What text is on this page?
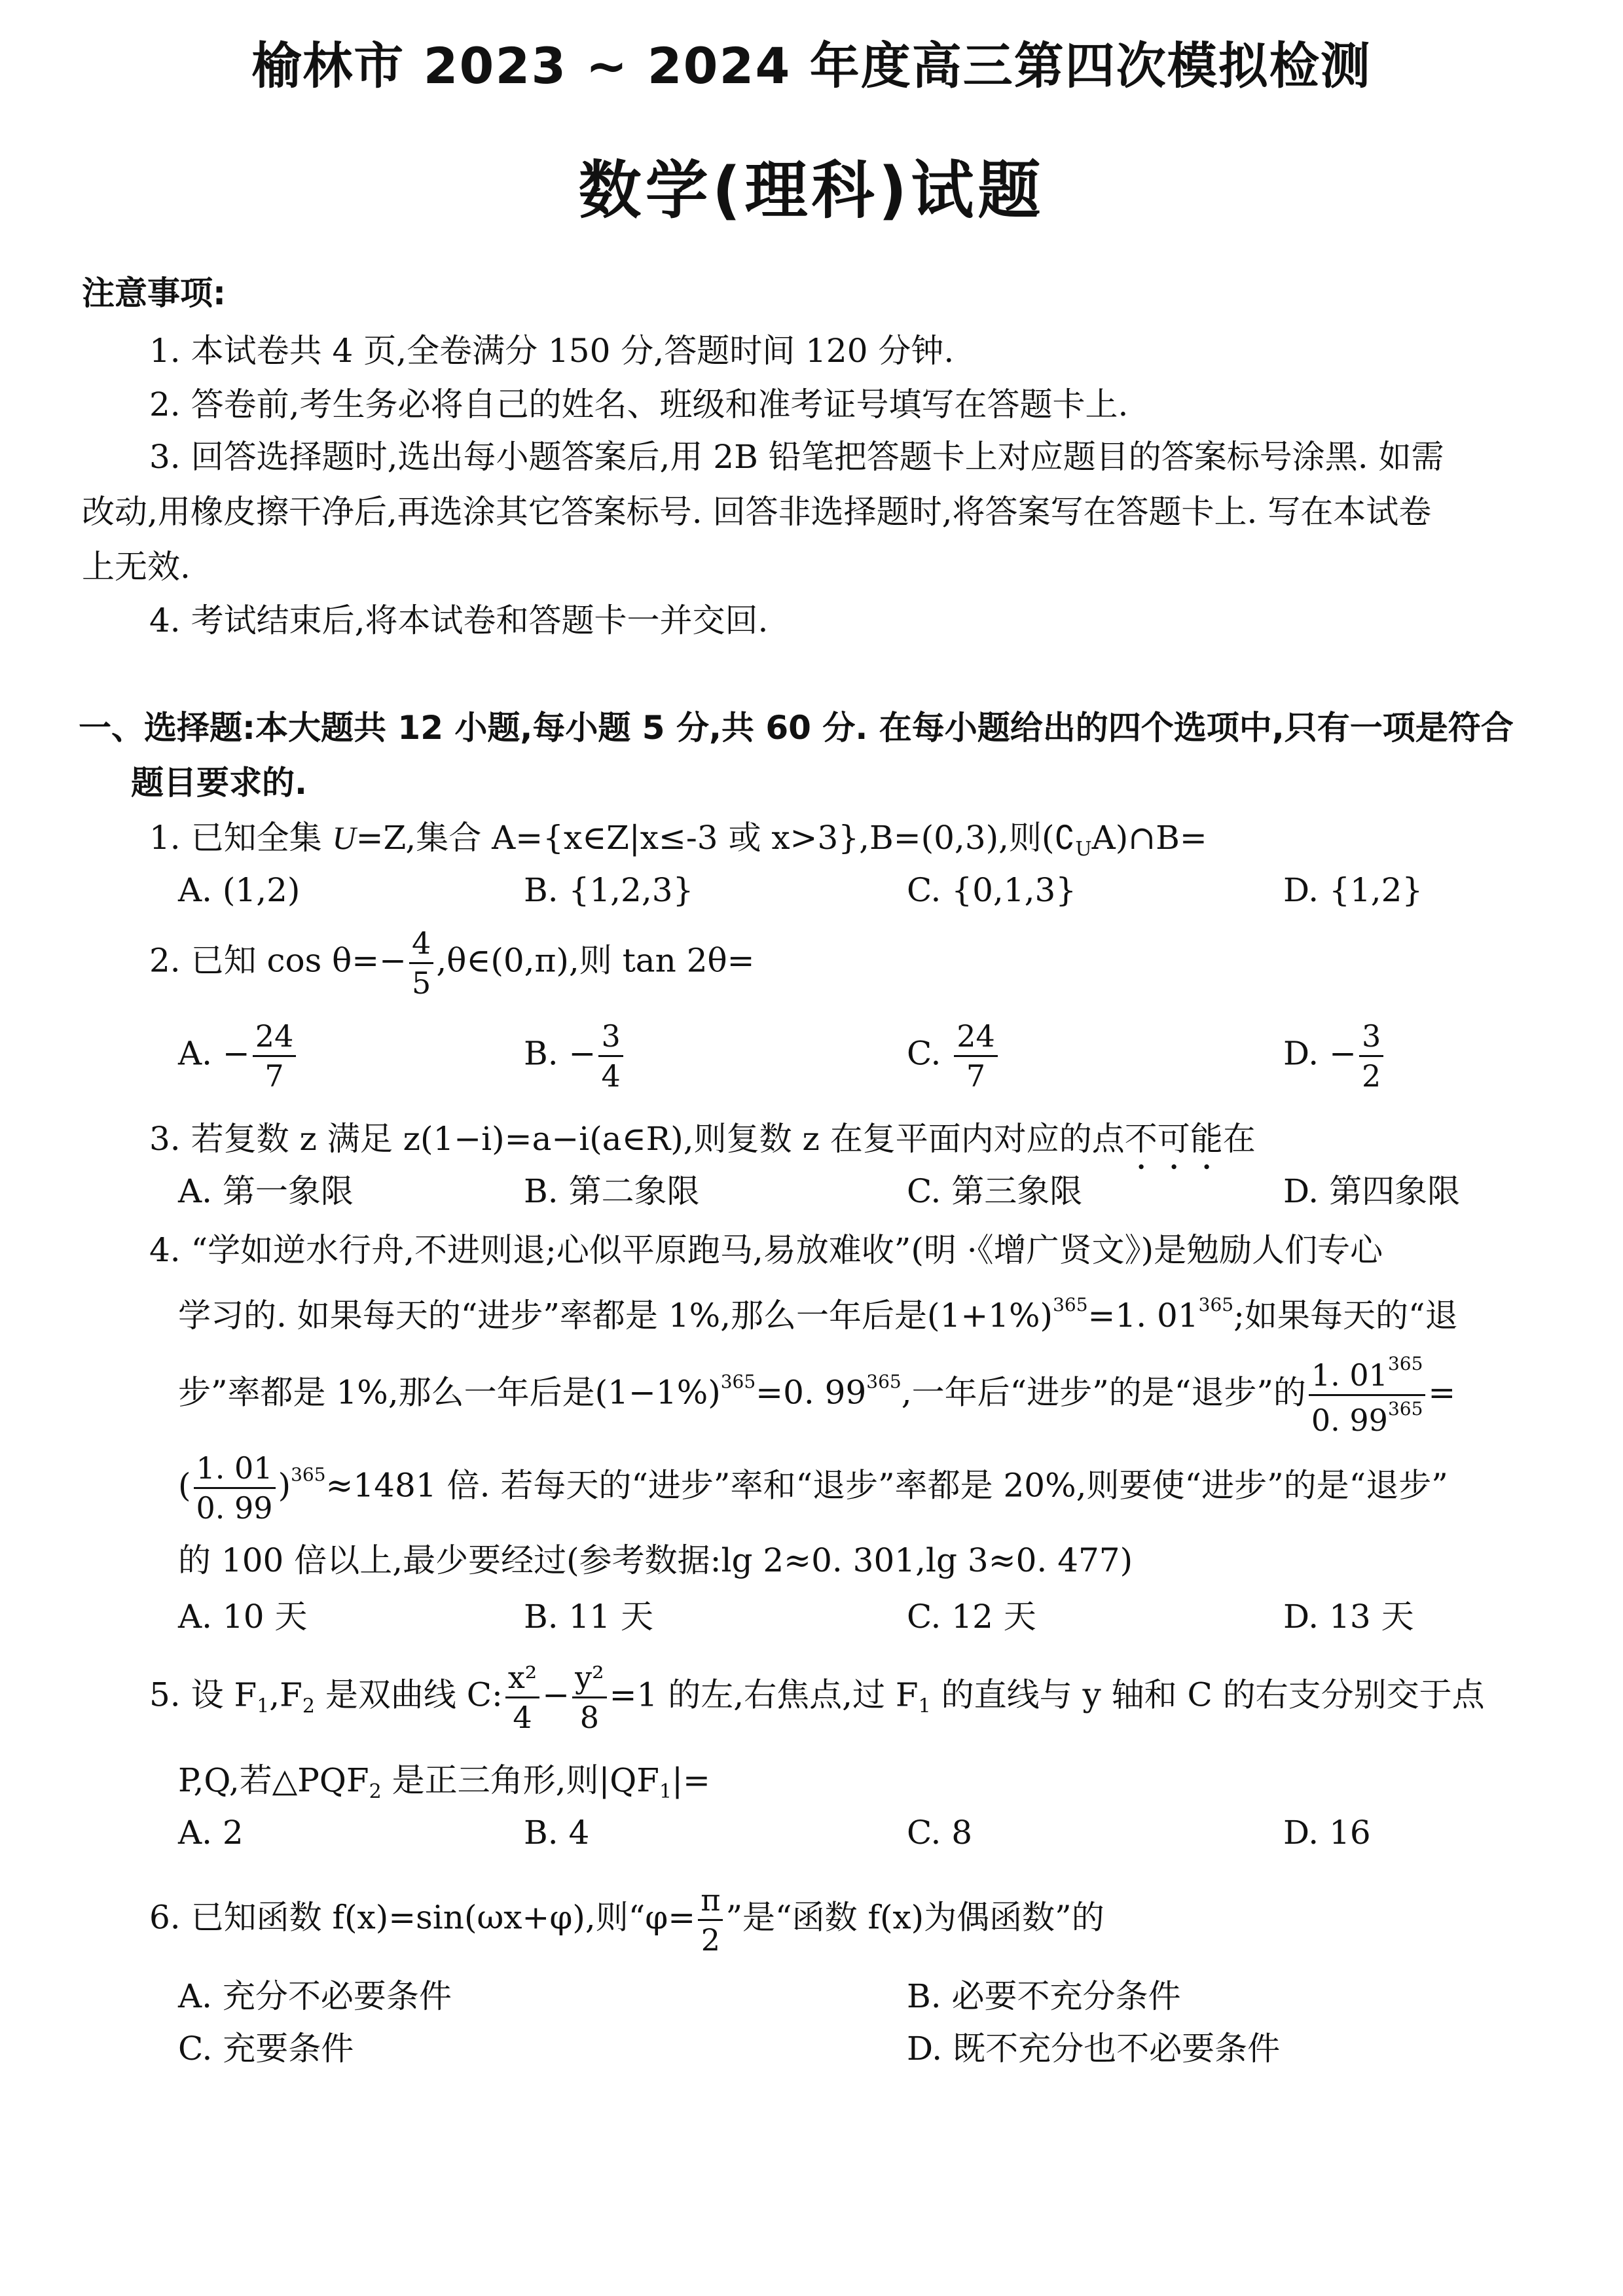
榆林市 2023 ~ 2024 年度高三第四次模拟检测
数学(理科)试题
注意事项:
1. 本试卷共 4 页,全卷满分 150 分,答题时间 120 分钟.
2. 答卷前,考生务必将自己的姓名、班级和准考证号填写在答题卡上.
3. 回答选择题时,选出每小题答案后,用 2B 铅笔把答题卡上对应题目的答案标号涂黑. 如需
改动,用橡皮擦干净后,再选涂其它答案标号. 回答非选择题时,将答案写在答题卡上. 写在本试卷
上无效.
4. 考试结束后,将本试卷和答题卡一并交回.
一、选择题:本大题共 12 小题,每小题 5 分,共 60 分. 在每小题给出的四个选项中,只有一项是符合
题目要求的.
1. 已知全集 U=Z,集合 A={x∈Z|x≤-3 或 x>3},B=(0,3),则$(∁_UA)\cap B=$
A. (1,2)	B. {1,2,3}	C. {0,1,3}	D. {1,2}
2. 已知 $\cos \theta=- \frac{4}{5}$ ,θ∈(0,π),则 tan 2θ=
A. − $\frac{24}{7}$	B. − $\frac{3}{4}$	C. $\frac{24}{7}$	D. − $\frac{3}{2}$
3. 若复数 z 满足 z(1−i)=a−i(a∈R),则复数 z 在复平面内对应的点不可能在
A. 第一象限	B. 第二象限	C. 第三象限	D. 第四象限
4. “学如逆水行舟,不进则退;心似平原跑马,易放难收”(明 ·《增广贤文》)是勉励人们专心
学习的. 如果每天的“进步”率都是 1%,那么一年后是$(1+1\%)^{365}=1$. $01^{365}$;如果每天的“退
步”率都是 1%,那么一年后是$(1-1\%)^{365}=0$. $99^{365}$,一年后“进步”的是“退步”的 $\frac{1. 01^{365}}{0. 99^{365}}$ =
( $\frac{1. 01}{0. 99} )^{365}\approx 1481$ 倍. 若每天的“进步”率和“退步”率都是 20%,则要使“进步”的是“退步”
的 100 倍以上,最少要经过(参考数据:lg 2≈0. 301,lg 3≈0. 477)
A. 10 天	B. 11 天	C. 12 天	D. 13 天
5. 设 $F_1,F_2$ 是双曲线 C: $\frac{\text{x²}}{4} - \frac{\text{y²}}{8} =1$ 的左,右焦点,过 $F_1$ 的直线与 y 轴和 C 的右支分别交于点
P,Q,若$\triangle PQF_2$ 是正三角形,则$|QF_1|=$
A. 2	B. 4	C. 8	D. 16
6. 已知函数 f(x)=sin(ωx+φ),则“$\varphi= \frac{\pi}{2}$ ”是“函数 f(x)为偶函数”的
A. 充分不必要条件	B. 必要不充分条件
C. 充要条件	D. 既不充分也不必要条件
